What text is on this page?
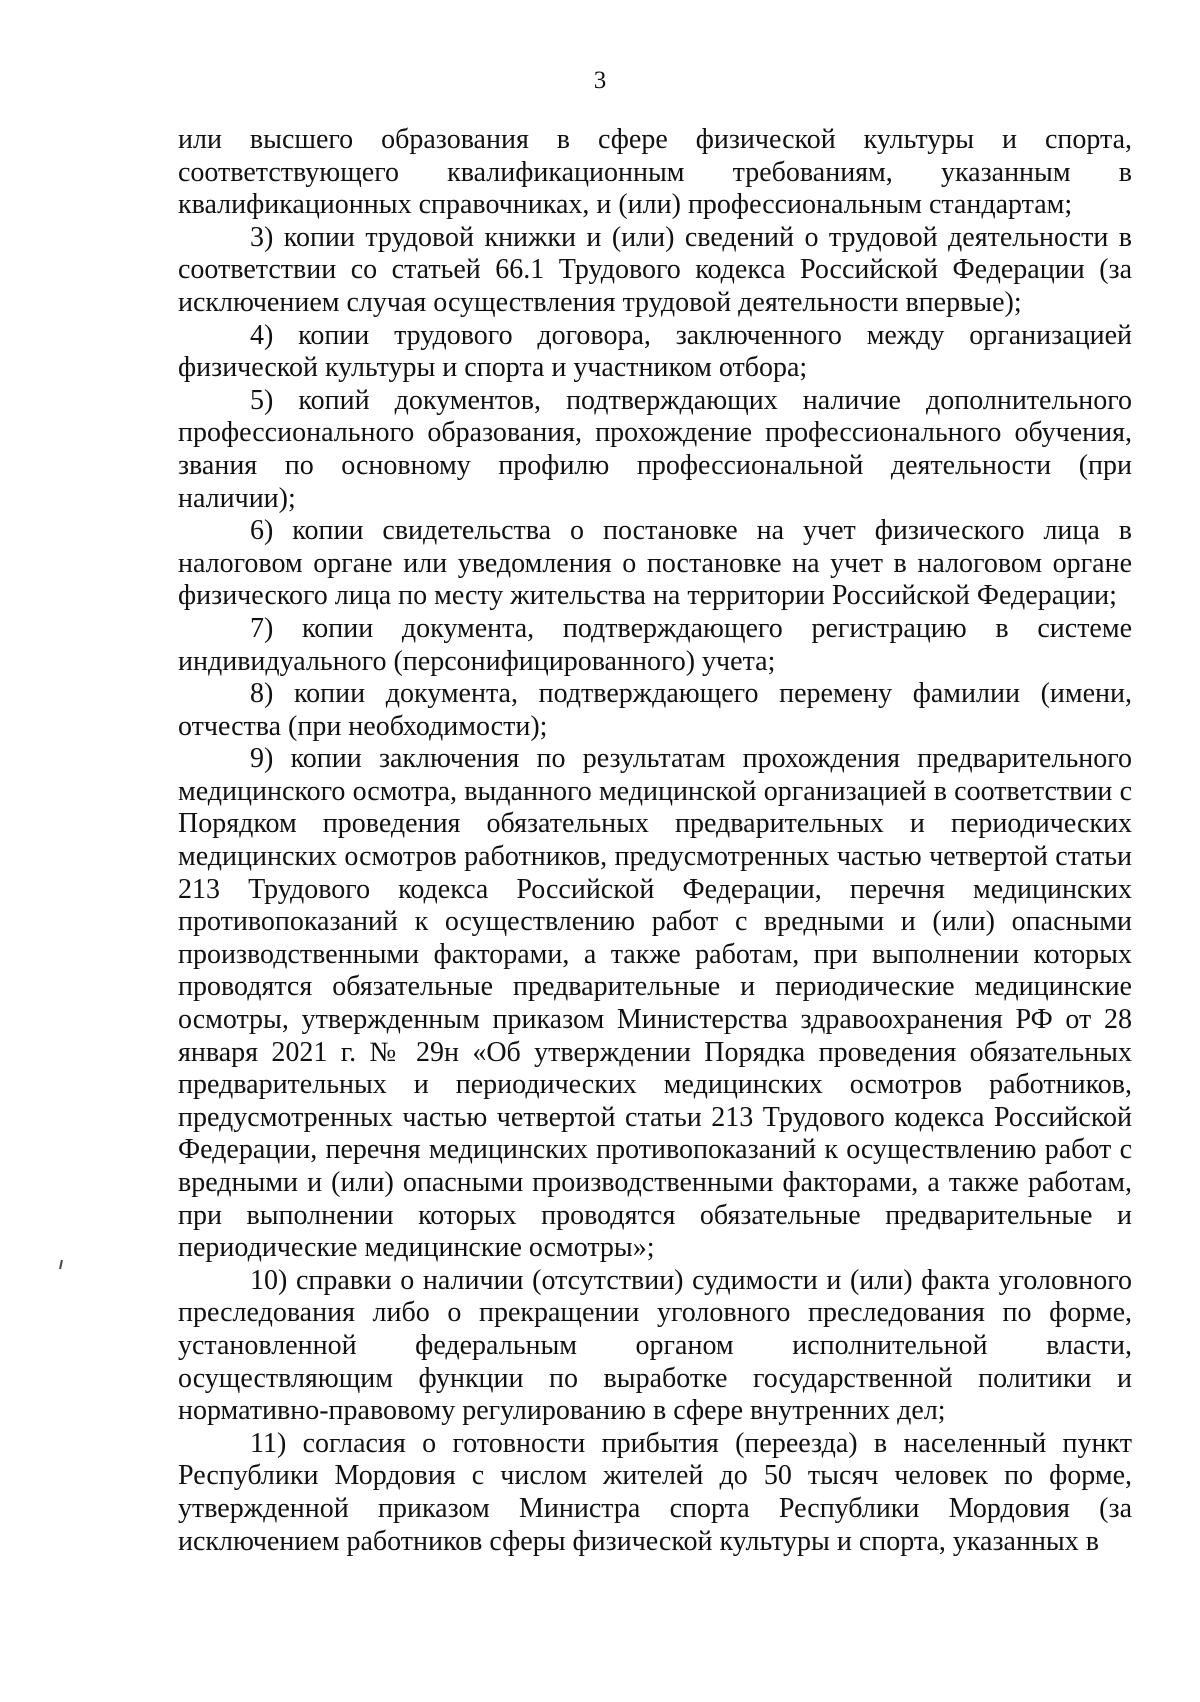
3

или высшего образования в сфере физической культуры и спорта, соответствующего квалификационным требованиям, указанным в квалификационных справочниках, и (или) профессиональным стандартам;

3) копии трудовой книжки и (или) сведений о трудовой деятельности в соответствии со статьей 66.1 Трудового кодекса Российской Федерации (за исключением случая осуществления трудовой деятельности впервые);

4) копии трудового договора, заключенного между организацией физической культуры и спорта и участником отбора;

5) копий документов, подтверждающих наличие дополнительного профессионального образования, прохождение профессионального обучения, звания по основному профилю профессиональной деятельности (при наличии);

6) копии свидетельства о постановке на учет физического лица в налоговом органе или уведомления о постановке на учет в налоговом органе физического лица по месту жительства на территории Российской Федерации;

7) копии документа, подтверждающего регистрацию в системе индивидуального (персонифицированного) учета;

8) копии документа, подтверждающего перемену фамилии (имени, отчества (при необходимости);

9) копии заключения по результатам прохождения предварительного медицинского осмотра, выданного медицинской организацией в соответствии с Порядком проведения обязательных предварительных и периодических медицинских осмотров работников, предусмотренных частью четвертой статьи 213 Трудового кодекса Российской Федерации, перечня медицинских противопоказаний к осуществлению работ с вредными и (или) опасными производственными факторами, а также работам, при выполнении которых проводятся обязательные предварительные и периодические медицинские осмотры, утвержденным приказом Министерства здравоохранения РФ от 28 января 2021 г. № 29н «Об утверждении Порядка проведения обязательных предварительных и периодических медицинских осмотров работников, предусмотренных частью четвертой статьи 213 Трудового кодекса Российской Федерации, перечня медицинских противопоказаний к осуществлению работ с вредными и (или) опасными производственными факторами, а также работам, при выполнении которых проводятся обязательные предварительные и периодические медицинские осмотры»;

10) справки о наличии (отсутствии) судимости и (или) факта уголовного преследования либо о прекращении уголовного преследования по форме, установленной федеральным органом исполнительной власти, осуществляющим функции по выработке государственной политики и нормативно-правовому регулированию в сфере внутренних дел;

11) согласия о готовности прибытия (переезда) в населенный пункт Республики Мордовия с числом жителей до 50 тысяч человек по форме, утвержденной приказом Министра спорта Республики Мордовия (за исключением работников сферы физической культуры и спорта, указанных в
